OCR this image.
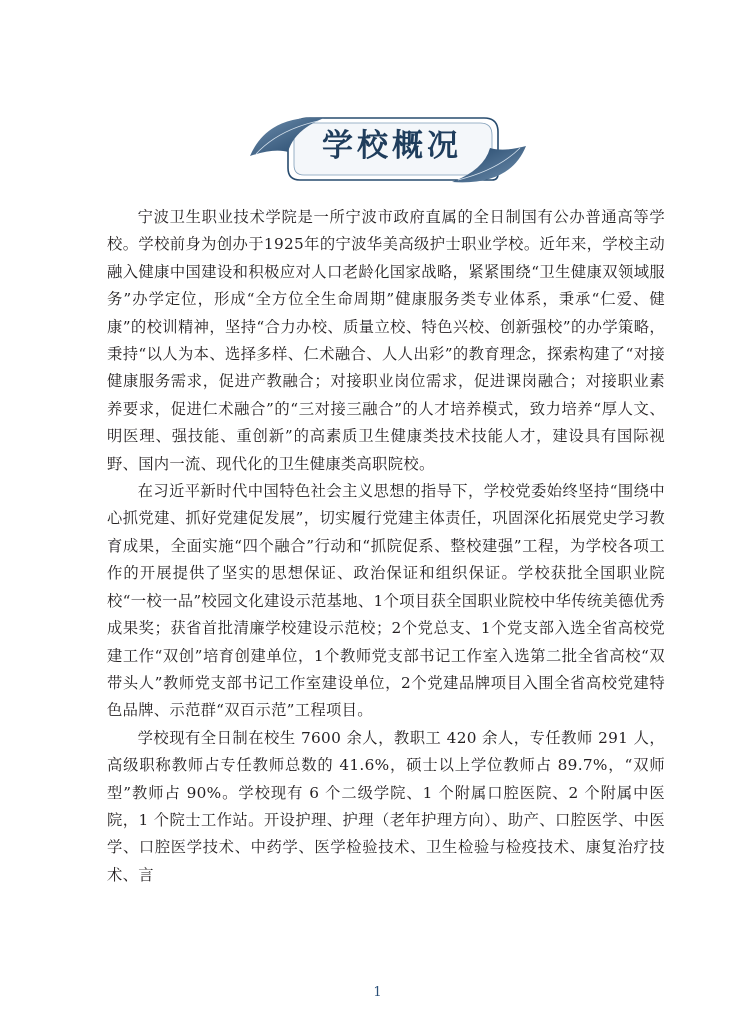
学校概况

宁波卫生职业技术学院是一所宁波市政府直属的全日制国有公办普通高等学校。学校前身为创办于1925年的宁波华美高级护士职业学校。近年来，学校主动融入健康中国建设和积极应对人口老龄化国家战略，紧紧围绕“卫生健康双领域服务”办学定位，形成“全方位全生命周期”健康服务类专业体系，秉承“仁爱、健康”的校训精神，坚持“合力办校、质量立校、特色兴校、创新强校”的办学策略，秉持“以人为本、选择多样、仁术融合、人人出彩”的教育理念，探索构建了“对接健康服务需求，促进产教融合；对接职业岗位需求，促进课岗融合；对接职业素养要求，促进仁术融合”的“三对接三融合”的人才培养模式，致力培养“厚人文、明医理、强技能、重创新”的高素质卫生健康类技术技能人才，建设具有国际视野、国内一流、现代化的卫生健康类高职院校。

在习近平新时代中国特色社会主义思想的指导下，学校党委始终坚持“围绕中心抓党建、抓好党建促发展”，切实履行党建主体责任，巩固深化拓展党史学习教育成果，全面实施“四个融合”行动和“抓院促系、整校建强”工程，为学校各项工作的开展提供了坚实的思想保证、政治保证和组织保证。学校获批全国职业院校“一校一品”校园文化建设示范基地、1个项目获全国职业院校中华传统美德优秀成果奖；获省首批清廉学校建设示范校；2个党总支、1个党支部入选全省高校党建工作“双创”培育创建单位，1个教师党支部书记工作室入选第二批全省高校“双带头人”教师党支部书记工作室建设单位，2个党建品牌项目入围全省高校党建特色品牌、示范群“双百示范”工程项目。

学校现有全日制在校生 7600 余人，教职工 420 余人，专任教师 291 人，高级职称教师占专任教师总数的 41.6%，硕士以上学位教师占 89.7%，“双师型”教师占 90%。学校现有 6 个二级学院、1 个附属口腔医院、2 个附属中医院，1 个院士工作站。开设护理、护理（老年护理方向）、助产、口腔医学、中医学、口腔医学技术、中药学、医学检验技术、卫生检验与检疫技术、康复治疗技术、言

1
